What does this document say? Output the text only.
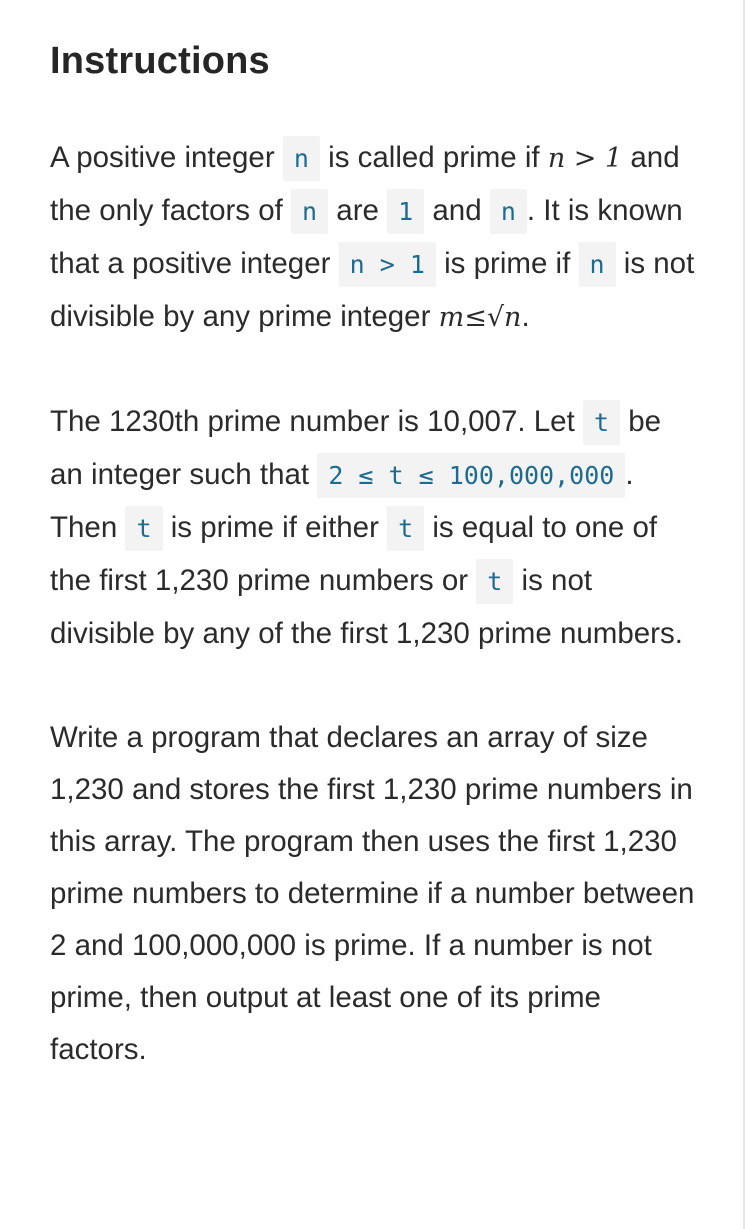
Instructions

A positive integer n is called prime if n > 1 and the only factors of n are 1 and n . It is known that a positive integer n > 1 is prime if n is not divisible by any prime integer m≤√n.

The 1230th prime number is 10,007. Let t be an integer such that 2 ≤ t ≤ 100,000,000 . Then t is prime if either t is equal to one of the first 1,230 prime numbers or t is not divisible by any of the first 1,230 prime numbers.

Write a program that declares an array of size 1,230 and stores the first 1,230 prime numbers in this array. The program then uses the first 1,230 prime numbers to determine if a number between 2 and 100,000,000 is prime. If a number is not prime, then output at least one of its prime factors.
